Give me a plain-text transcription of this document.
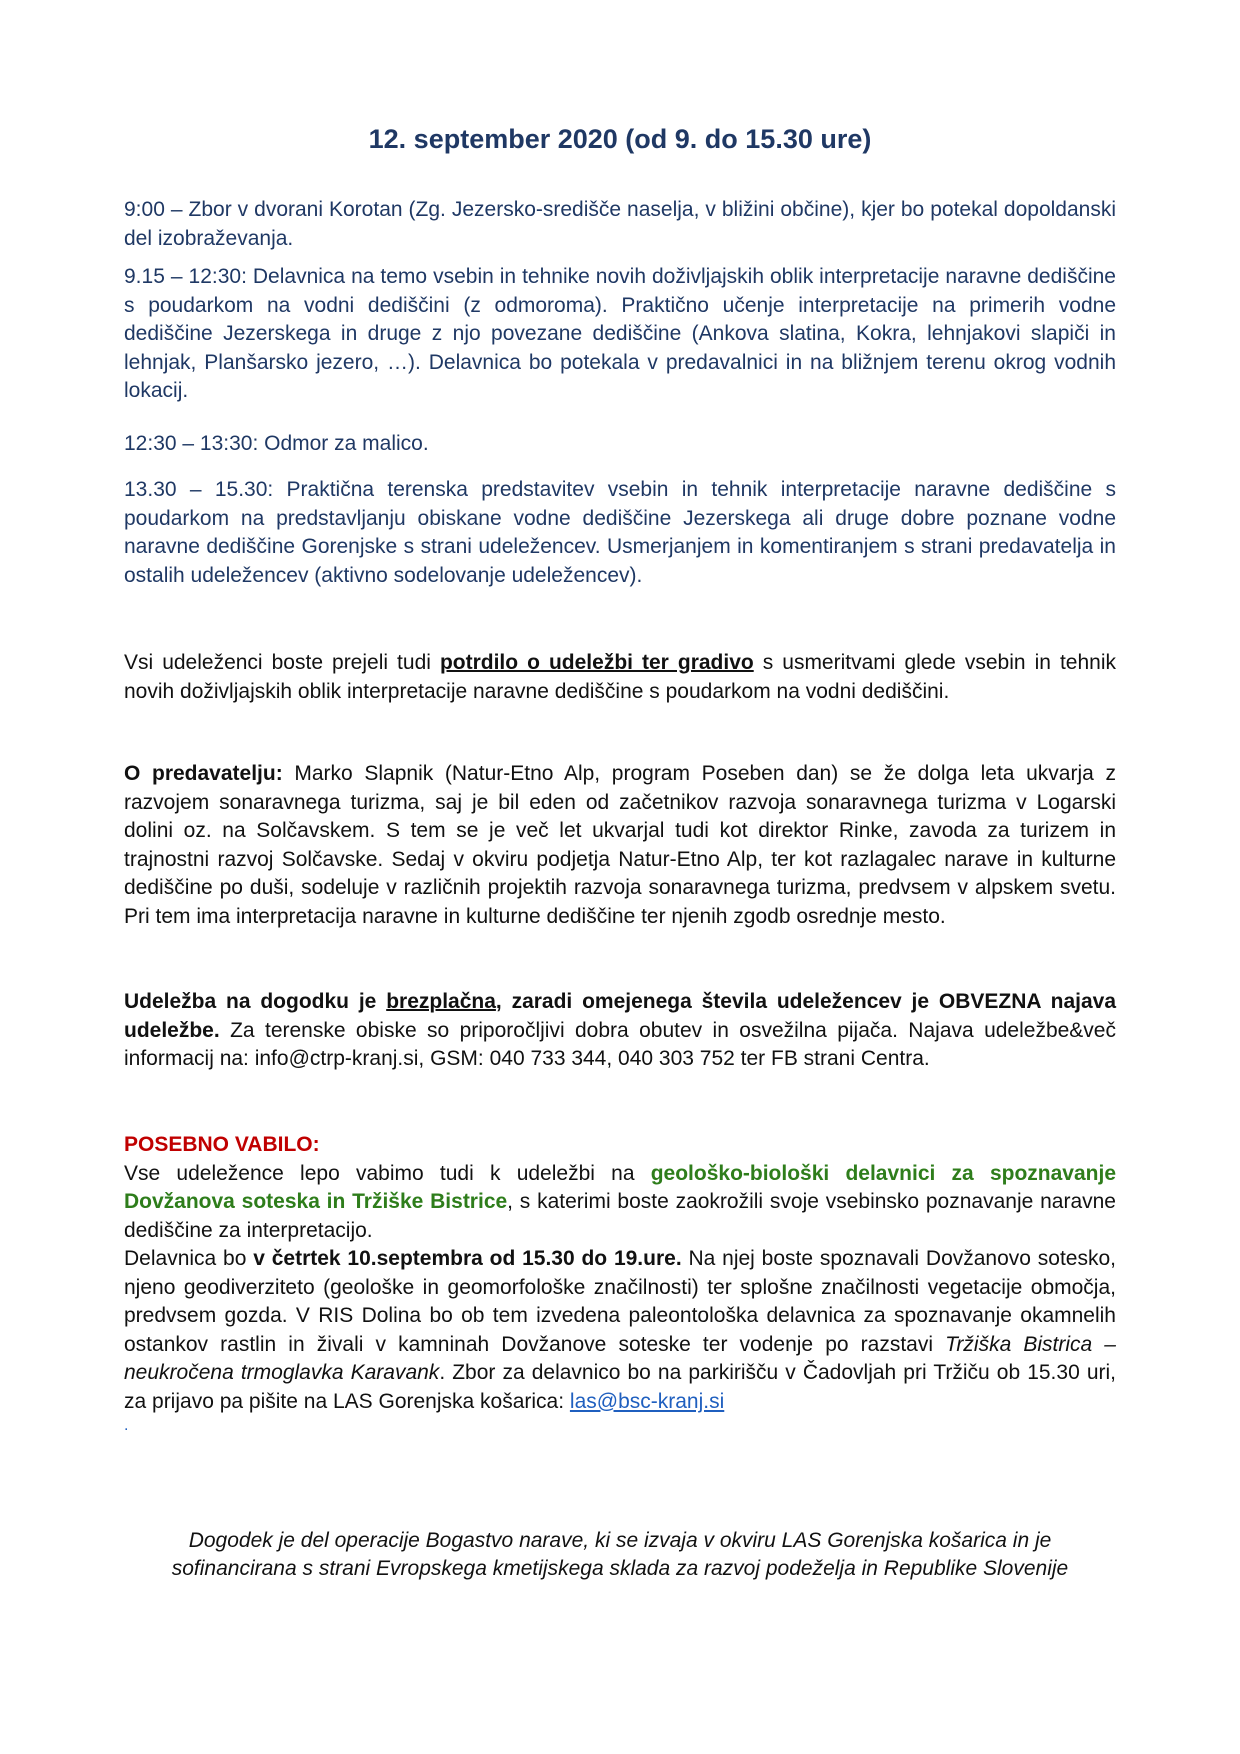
12. september 2020 (od 9. do 15.30 ure)
9:00 – Zbor v dvorani Korotan (Zg. Jezersko-središče naselja, v bližini občine), kjer bo potekal dopoldanski del izobraževanja.
9.15 – 12:30: Delavnica na temo vsebin in tehnike novih doživljajskih oblik interpretacije naravne dediščine s poudarkom na vodni dediščini (z odmoroma). Praktično učenje interpretacije na primerih vodne dediščine Jezerskega in druge z njo povezane dediščine (Ankova slatina, Kokra, lehnjakovi slapiči in lehnjak, Planšarsko jezero, …). Delavnica bo potekala v predavalnici in na bližnjem terenu okrog vodnih lokacij.
12:30 – 13:30: Odmor za malico.
13.30 – 15.30: Praktična terenska predstavitev vsebin in tehnik interpretacije naravne dediščine s poudarkom na predstavljanju obiskane vodne dediščine Jezerskega ali druge dobre poznane vodne naravne dediščine Gorenjske s strani udeležencev. Usmerjanjem in komentiranjem s strani predavatelja in ostalih udeležencev (aktivno sodelovanje udeležencev).
Vsi udeleženci boste prejeli tudi potrdilo o udeležbi ter gradivo s usmeritvami glede vsebin in tehnik novih doživljajskih oblik interpretacije naravne dediščine s poudarkom na vodni dediščini.
O predavatelju: Marko Slapnik (Natur-Etno Alp, program Poseben dan) se že dolga leta ukvarja z razvojem sonaravnega turizma, saj je bil eden od začetnikov razvoja sonaravnega turizma v Logarski dolini oz. na Solčavskem. S tem se je več let ukvarjal tudi kot direktor Rinke, zavoda za turizem in trajnostni razvoj Solčavske. Sedaj v okviru podjetja Natur-Etno Alp, ter kot razlagalec narave in kulturne dediščine po duši, sodeluje v različnih projektih razvoja sonaravnega turizma, predvsem v alpskem svetu. Pri tem ima interpretacija naravne in kulturne dediščine ter njenih zgodb osrednje mesto.
Udeležba na dogodku je brezplačna, zaradi omejenega števila udeležencev je OBVEZNA najava udeležbe. Za terenske obiske so priporočljivi dobra obutev in osvežilna pijača. Najava udeležbe&več informacij na: info@ctrp-kranj.si, GSM: 040 733 344, 040 303 752 ter FB strani Centra.
POSEBNO VABILO:
Vse udeležence lepo vabimo tudi k udeležbi na geološko-biološki delavnici za spoznavanje Dovžanova soteska in Tržiške Bistrice, s katerimi boste zaokrožili svoje vsebinsko poznavanje naravne dediščine za interpretacijo.
Delavnica bo v četrtek 10.septembra od 15.30 do 19.ure. Na njej boste spoznavali Dovžanovo sotesko, njeno geodiverziteto (geološke in geomorfološke značilnosti) ter splošne značilnosti vegetacije območja, predvsem gozda. V RIS Dolina bo ob tem izvedena paleontološka delavnica za spoznavanje okamnelih ostankov rastlin in živali v kamninah Dovžanove soteske ter vodenje po razstavi Tržiška Bistrica – neukročena trmoglavka Karavank. Zbor za delavnico bo na parkirišču v Čadovljah pri Tržiču ob 15.30 uri, za prijavo pa pišite na LAS Gorenjska košarica: las@bsc-kranj.si
.
Dogodek je del operacije Bogastvo narave, ki se izvaja v okviru LAS Gorenjska košarica in je
sofinancirana s strani Evropskega kmetijskega sklada za razvoj podeželja in Republike Slovenije
